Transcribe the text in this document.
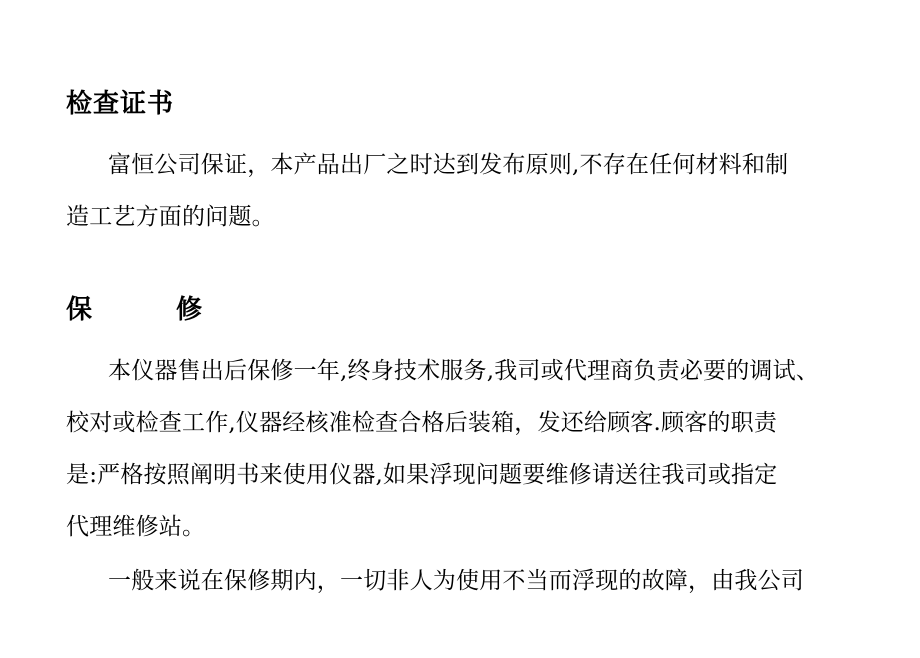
检查证书
富恒公司保证，本产品出厂之时达到发布原则,不存在任何材料和制
造工艺方面的问题。
保	修
本仪器售出后保修一年,终身技术服务,我司或代理商负责必要的调试、
校对或检查工作,仪器经核准检查合格后装箱，发还给顾客.顾客的职责
是:严格按照阐明书来使用仪器,如果浮现问题要维修请送往我司或指定
代理维修站。
一般来说在保修期内，一切非人为使用不当而浮现的故障，由我公司
